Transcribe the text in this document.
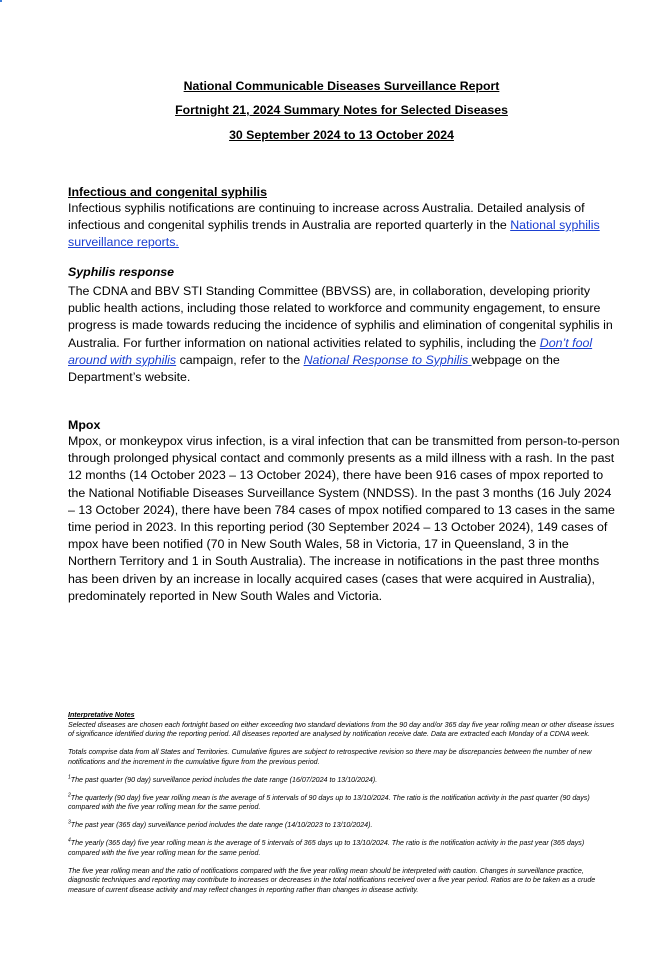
National Communicable Diseases Surveillance Report
Fortnight 21, 2024 Summary Notes for Selected Diseases
30 September 2024 to 13 October 2024
Infectious and congenital syphilis

Infectious syphilis notifications are continuing to increase across Australia. Detailed analysis of infectious and congenital syphilis trends in Australia are reported quarterly in the National syphilis surveillance reports.

Syphilis response

The CDNA and BBV STI Standing Committee (BBVSS) are, in collaboration, developing priority public health actions, including those related to workforce and community engagement, to ensure progress is made towards reducing the incidence of syphilis and elimination of congenital syphilis in Australia. For further information on national activities related to syphilis, including the Don’t fool around with syphilis campaign, refer to the National Response to Syphilis webpage on the Department’s website.

Mpox

Mpox, or monkeypox virus infection, is a viral infection that can be transmitted from person-to-person through prolonged physical contact and commonly presents as a mild illness with a rash. In the past 12 months (14 October 2023 – 13 October 2024), there have been 916 cases of mpox reported to the National Notifiable Diseases Surveillance System (NNDSS). In the past 3 months (16 July 2024 – 13 October 2024), there have been 784 cases of mpox notified compared to 13 cases in the same time period in 2023. In this reporting period (30 September 2024 – 13 October 2024), 149 cases of mpox have been notified (70 in New South Wales, 58 in Victoria, 17 in Queensland, 3 in the Northern Territory and 1 in South Australia). The increase in notifications in the past three months has been driven by an increase in locally acquired cases (cases that were acquired in Australia), predominately reported in New South Wales and Victoria.

Interpretative Notes

Selected diseases are chosen each fortnight based on either exceeding two standard deviations from the 90 day and/or 365 day five year rolling mean or other disease issues of significance identified during the reporting period. All diseases reported are analysed by notification receive date. Data are extracted each Monday of a CDNA week.

Totals comprise data from all States and Territories. Cumulative figures are subject to retrospective revision so there may be discrepancies between the number of new notifications and the increment in the cumulative figure from the previous period.

$^1$The past quarter (90 day) surveillance period includes the date range (16/07/2024 to 13/10/2024).

$^2$The quarterly (90 day) five year rolling mean is the average of 5 intervals of 90 days up to 13/10/2024. The ratio is the notification activity in the past quarter (90 days) compared with the five year rolling mean for the same period.

$^3$The past year (365 day) surveillance period includes the date range (14/10/2023 to 13/10/2024).

$^4$The yearly (365 day) five year rolling mean is the average of 5 intervals of 365 days up to 13/10/2024. The ratio is the notification activity in the past year (365 days) compared with the five year rolling mean for the same period.

The five year rolling mean and the ratio of notifications compared with the five year rolling mean should be interpreted with caution. Changes in surveillance practice, diagnostic techniques and reporting may contribute to increases or decreases in the total notifications received over a five year period. Ratios are to be taken as a crude measure of current disease activity and may reflect changes in reporting rather than changes in disease activity.
